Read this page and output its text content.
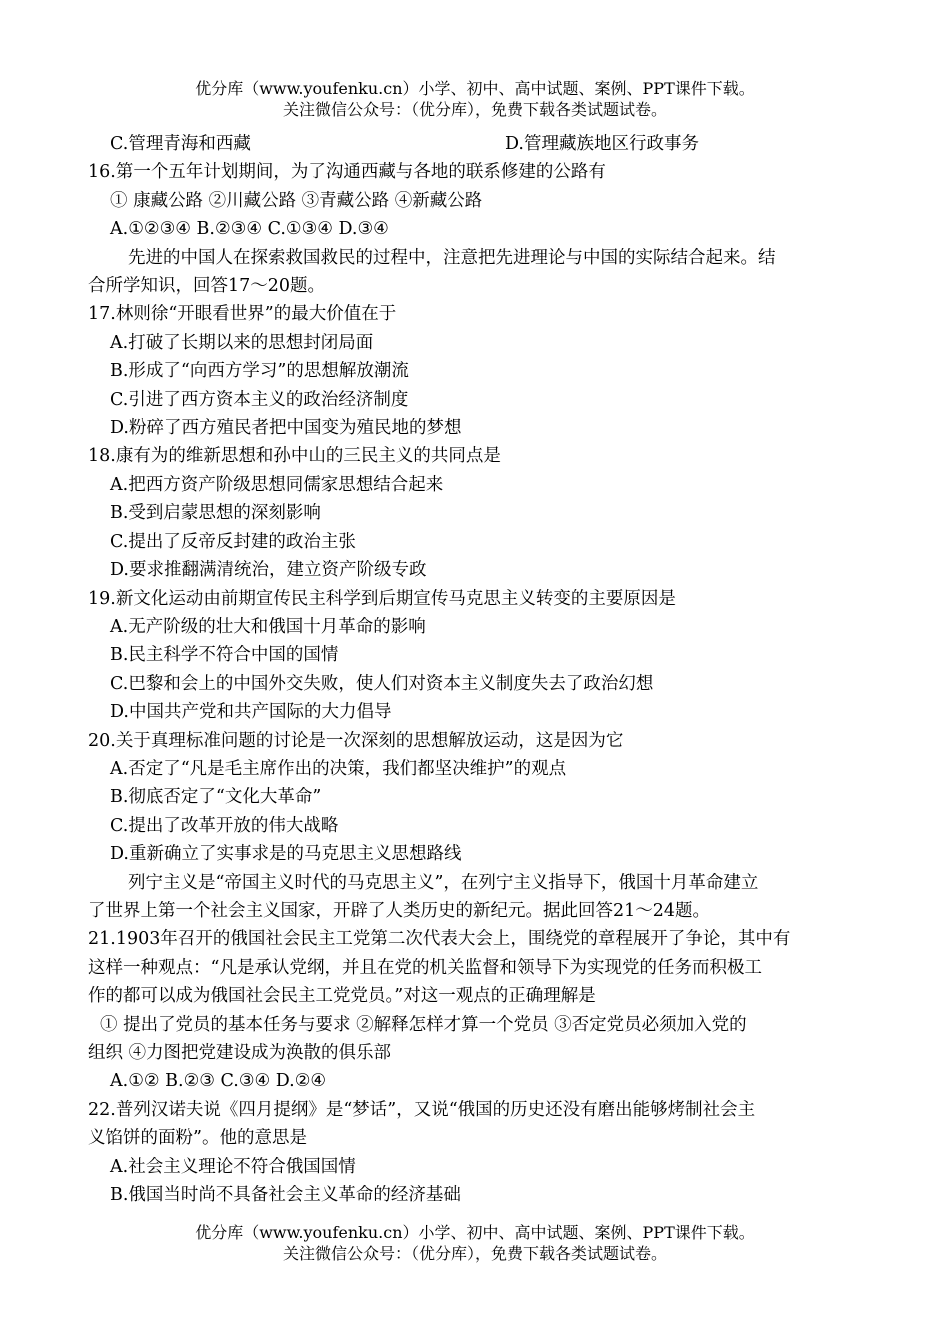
优分库（www.youfenku.cn）小学、初中、高中试题、案例、PPT课件下载。
关注微信公众号：（优分库），免费下载各类试题试卷。

C.管理青海和西藏	D.管理藏族地区行政事务

16.第一个五年计划期间，为了沟通西藏与各地的联系修建的公路有

① 康藏公路 ②川藏公路 ③青藏公路 ④新藏公路

A.①②③④ B.②③④ C.①③④ D.③④

先进的中国人在探索救国救民的过程中，注意把先进理论与中国的实际结合起来。结

合所学知识，回答17～20题。

17.林则徐“开眼看世界”的最大价值在于

A.打破了长期以来的思想封闭局面

B.形成了“向西方学习”的思想解放潮流

C.引进了西方资本主义的政治经济制度

D.粉碎了西方殖民者把中国变为殖民地的梦想

18.康有为的维新思想和孙中山的三民主义的共同点是

A.把西方资产阶级思想同儒家思想结合起来

B.受到启蒙思想的深刻影响

C.提出了反帝反封建的政治主张

D.要求推翻满清统治，建立资产阶级专政

19.新文化运动由前期宣传民主科学到后期宣传马克思主义转变的主要原因是

A.无产阶级的壮大和俄国十月革命的影响

B.民主科学不符合中国的国情

C.巴黎和会上的中国外交失败，使人们对资本主义制度失去了政治幻想

D.中国共产党和共产国际的大力倡导

20.关于真理标准问题的讨论是一次深刻的思想解放运动，这是因为它

A.否定了“凡是毛主席作出的决策，我们都坚决维护”的观点

B.彻底否定了“文化大革命”

C.提出了改革开放的伟大战略

D.重新确立了实事求是的马克思主义思想路线

列宁主义是“帝国主义时代的马克思主义”，在列宁主义指导下，俄国十月革命建立

了世界上第一个社会主义国家，开辟了人类历史的新纪元。据此回答21～24题。

21.1903年召开的俄国社会民主工党第二次代表大会上，围绕党的章程展开了争论，其中有

这样一种观点：“凡是承认党纲，并且在党的机关监督和领导下为实现党的任务而积极工

作的都可以成为俄国社会民主工党党员。”对这一观点的正确理解是

① 提出了党员的基本任务与要求 ②解释怎样才算一个党员 ③否定党员必须加入党的

组织 ④力图把党建设成为涣散的俱乐部

A.①② B.②③ C.③④ D.②④

22.普列汉诺夫说《四月提纲》是“梦话”，又说“俄国的历史还没有磨出能够烤制社会主

义馅饼的面粉”。他的意思是

A.社会主义理论不符合俄国国情

B.俄国当时尚不具备社会主义革命的经济基础

优分库（www.youfenku.cn）小学、初中、高中试题、案例、PPT课件下载。
关注微信公众号：（优分库），免费下载各类试题试卷。
